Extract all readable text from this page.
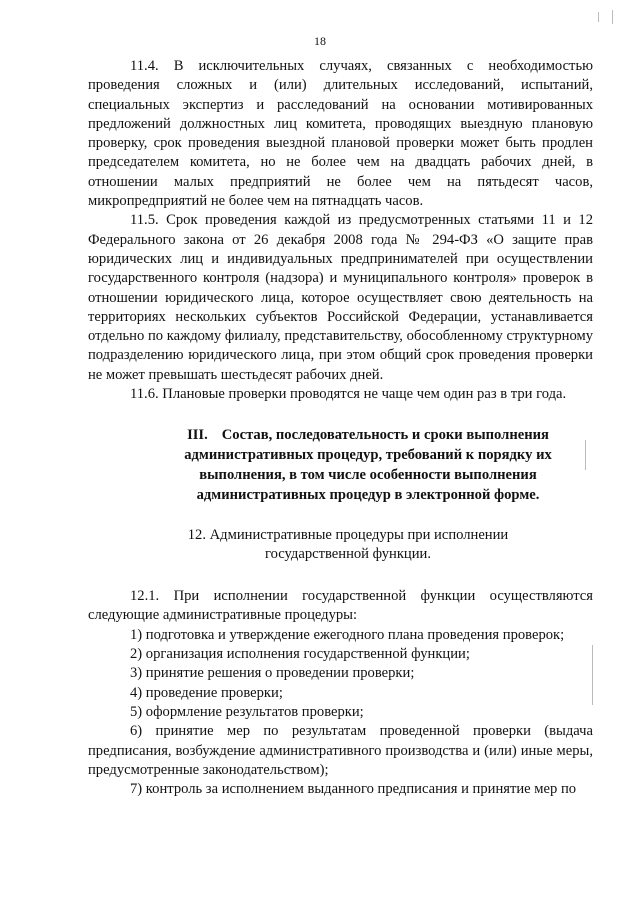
18

11.4. В исключительных случаях, связанных с необходимостью проведения сложных и (или) длительных исследований, испытаний, специальных экспертиз и расследований на основании мотивированных предложений должностных лиц комитета, проводящих выездную плановую проверку, срок проведения выездной плановой проверки может быть продлен председателем комитета, но не более чем на двадцать рабочих дней, в отношении малых предприятий не более чем на пятьдесят часов, микропредприятий не более чем на пятнадцать часов.

11.5. Срок проведения каждой из предусмотренных статьями 11 и 12 Федерального закона от 26 декабря 2008 года № 294-ФЗ «О защите прав юридических лиц и индивидуальных предпринимателей при осуществлении государственного контроля (надзора) и муниципального контроля» проверок в отношении юридического лица, которое осуществляет свою деятельность на территориях нескольких субъектов Российской Федерации, устанавливается отдельно по каждому филиалу, представительству, обособленному структурному подразделению юридического лица, при этом общий срок проведения проверки не может превышать шестьдесят рабочих дней.

11.6. Плановые проверки проводятся не чаще чем один раз в три года.

III. Состав, последовательность и сроки выполнения административных процедур, требований к порядку их выполнения, в том числе особенности выполнения административных процедур в электронной форме.
12. Административные процедуры при исполнении государственной функции.

12.1. При исполнении государственной функции осуществляются следующие административные процедуры:

1) подготовка и утверждение ежегодного плана проведения проверок;

2) организация исполнения государственной функции;

3) принятие решения о проведении проверки;

4) проведение проверки;

5) оформление результатов проверки;

6) принятие мер по результатам проведенной проверки (выдача предписания, возбуждение административного производства и (или) иные меры, предусмотренные законодательством);

7) контроль за исполнением выданного предписания и принятие мер по
